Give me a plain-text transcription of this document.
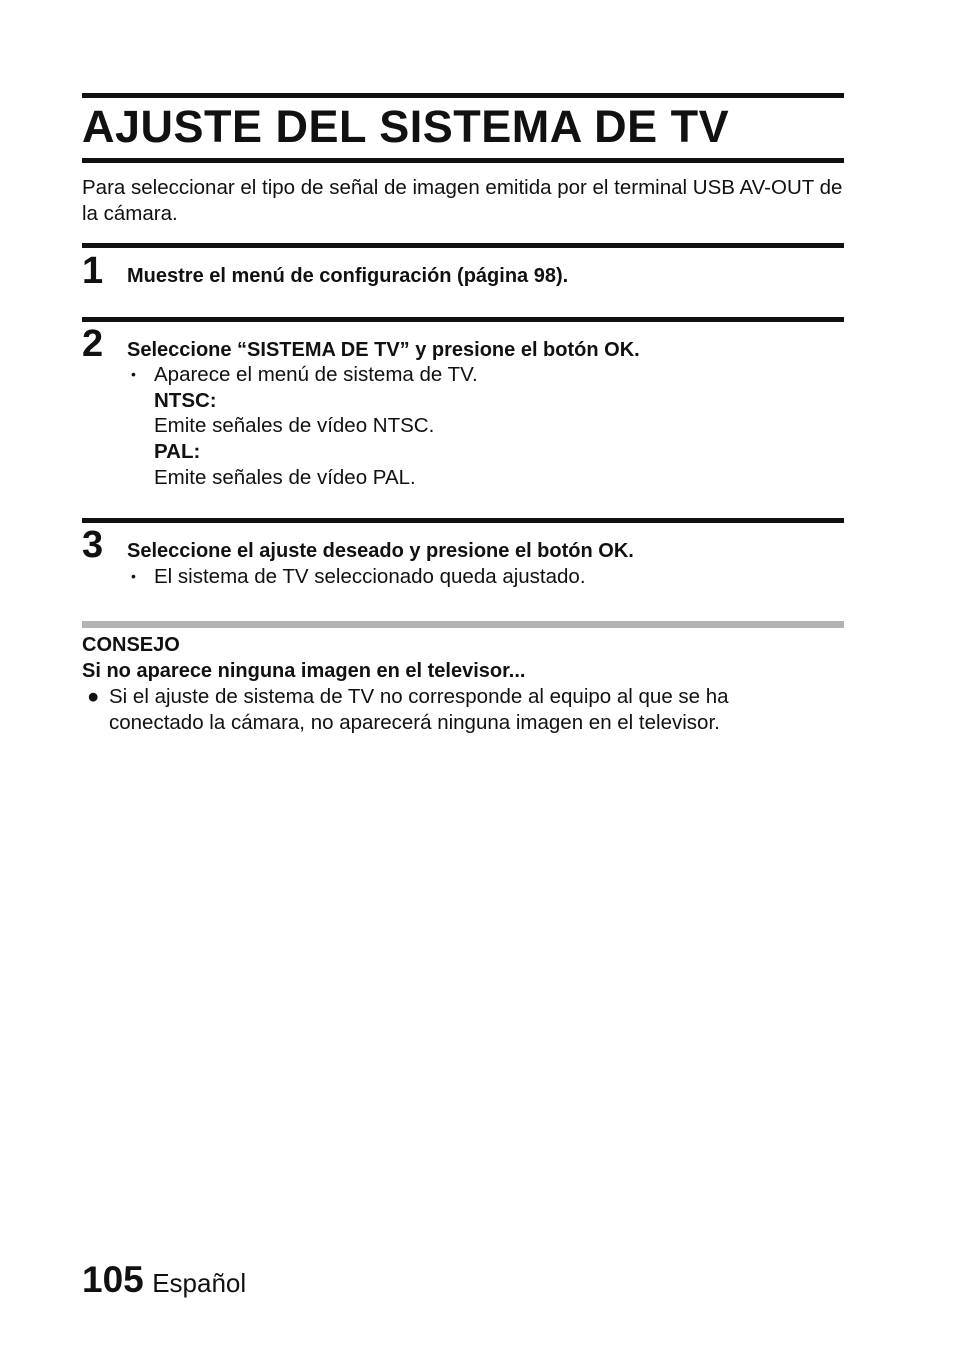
AJUSTE DEL SISTEMA DE TV
Para seleccionar el tipo de señal de imagen emitida por el terminal USB AV-OUT de la cámara.
1 Muestre el menú de configuración (página 98).
2 Seleccione “SISTEMA DE TV” y presione el botón OK.
• Aparece el menú de sistema de TV.
NTSC:
Emite señales de vídeo NTSC.
PAL:
Emite señales de vídeo PAL.
3 Seleccione el ajuste deseado y presione el botón OK.
• El sistema de TV seleccionado queda ajustado.
CONSEJO
Si no aparece ninguna imagen en el televisor...
● Si el ajuste de sistema de TV no corresponde al equipo al que se ha conectado la cámara, no aparecerá ninguna imagen en el televisor.
105 Español
